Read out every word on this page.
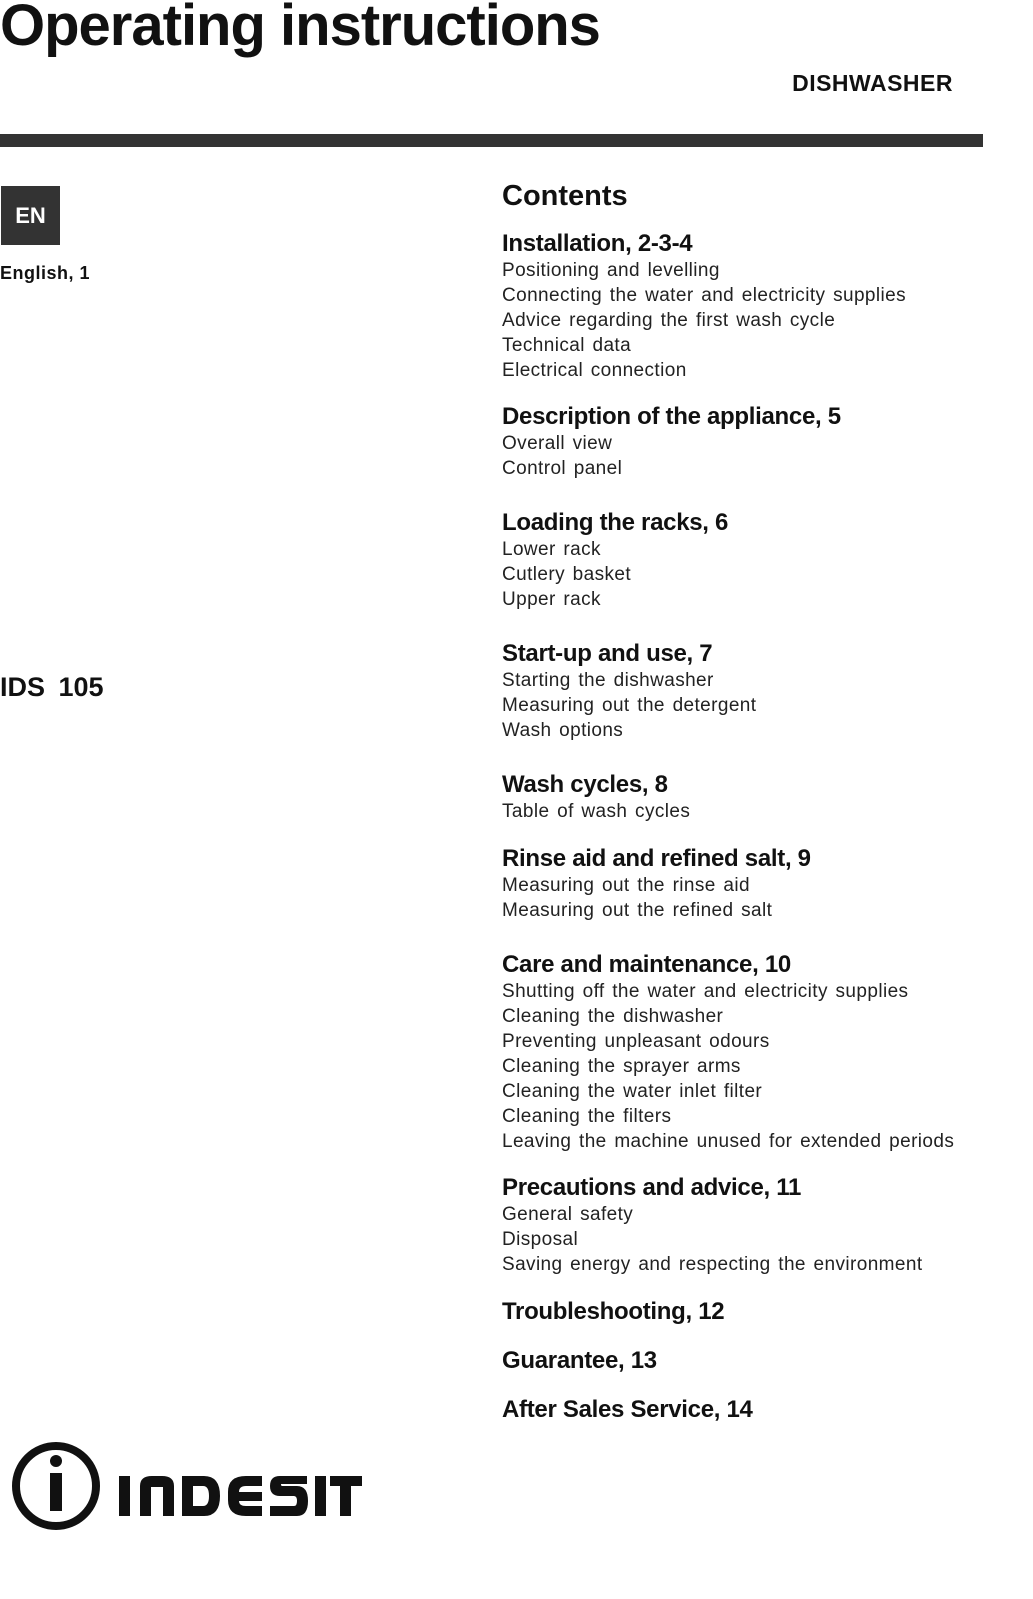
Operating instructions
DISHWASHER
EN
English, 1
IDS 105
Contents
Installation, 2-3-4
Positioning and levelling
Connecting the water and electricity supplies
Advice regarding the first wash cycle
Technical data
Electrical connection
Description of the appliance, 5
Overall view
Control panel
Loading the racks, 6
Lower rack
Cutlery basket
Upper rack
Start-up and use, 7
Starting the dishwasher
Measuring out the detergent
Wash options
Wash cycles, 8
Table of wash cycles
Rinse aid and refined salt, 9
Measuring out the rinse aid
Measuring out the refined salt
Care and maintenance, 10
Shutting off the water and electricity supplies
Cleaning the dishwasher
Preventing unpleasant odours
Cleaning the sprayer arms
Cleaning the water inlet filter
Cleaning the filters
Leaving the machine unused for extended periods
Precautions and advice, 11
General safety
Disposal
Saving energy and respecting the environment
Troubleshooting, 12
Guarantee, 13
After Sales Service, 14
